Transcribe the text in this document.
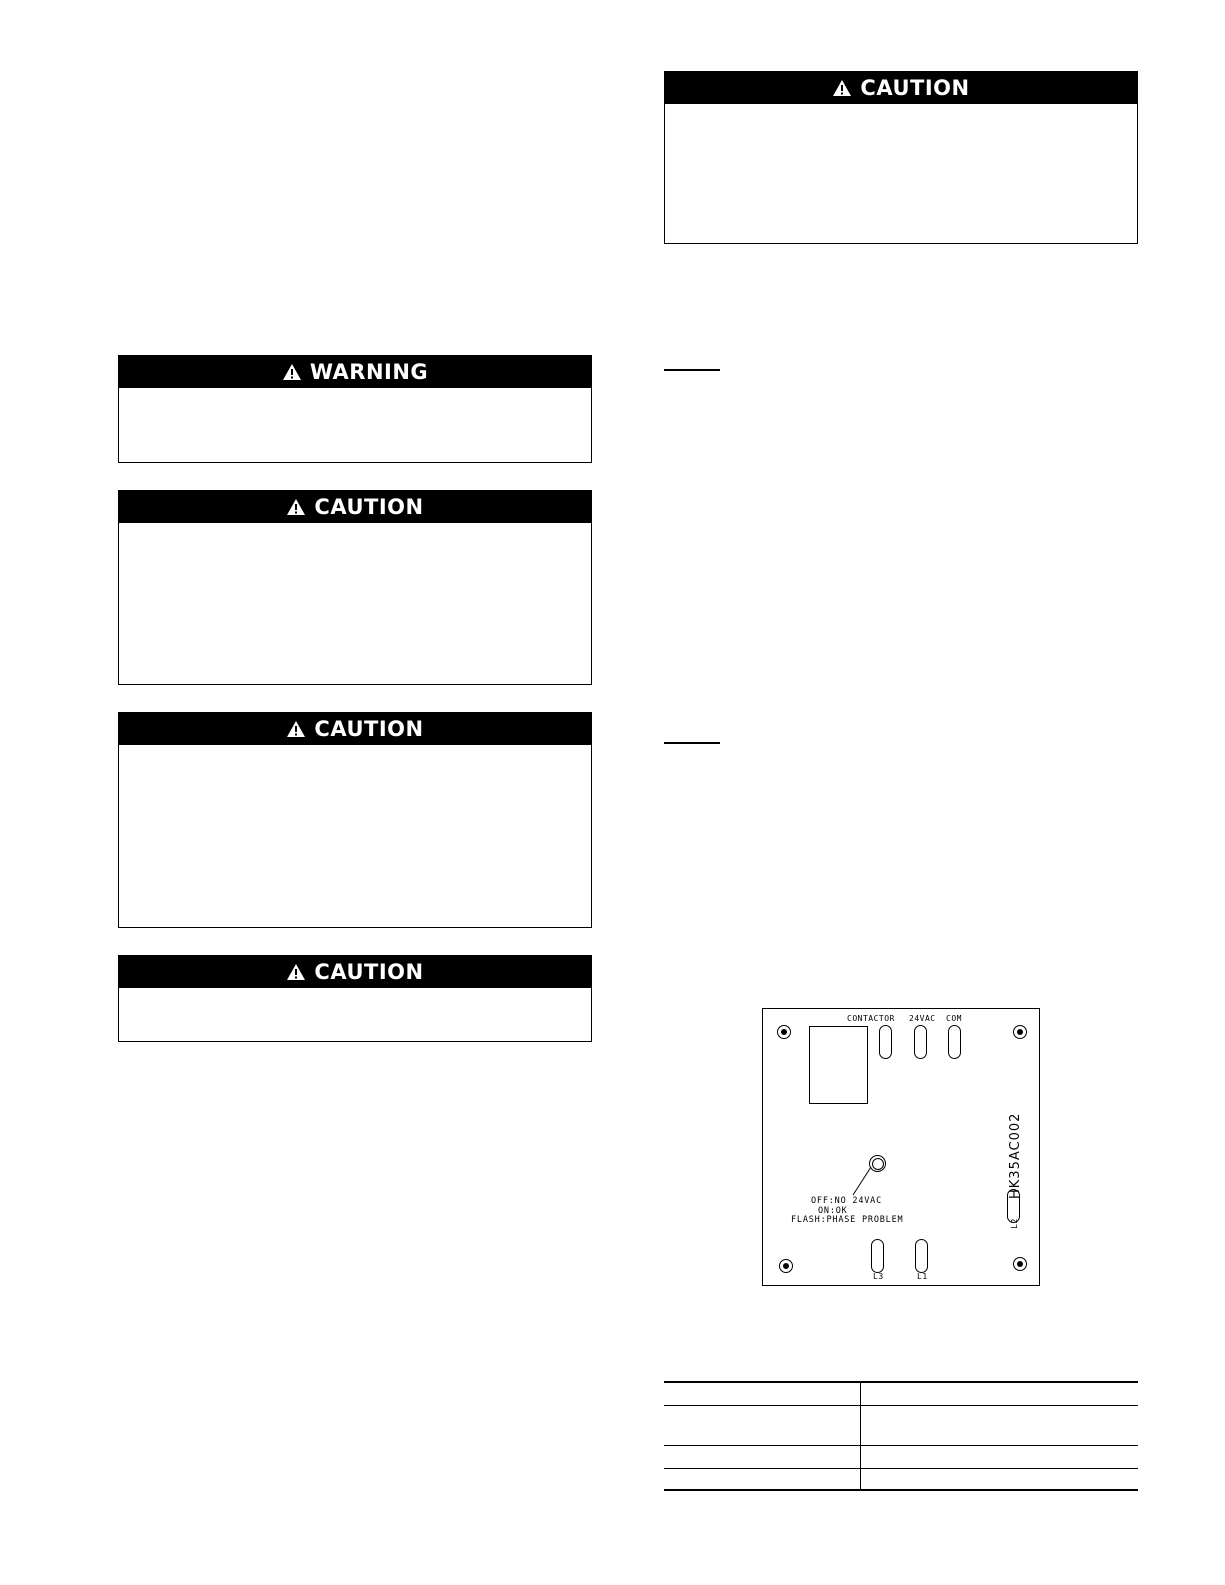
CAUTION
WARNING
CAUTION
CAUTION
CAUTION
CONTACTOR 24VAC COM
OFF:NO 24VAC
ON:OK
FLASH:PHASE PROBLEM
HK35AC002
L2
L3	L1
